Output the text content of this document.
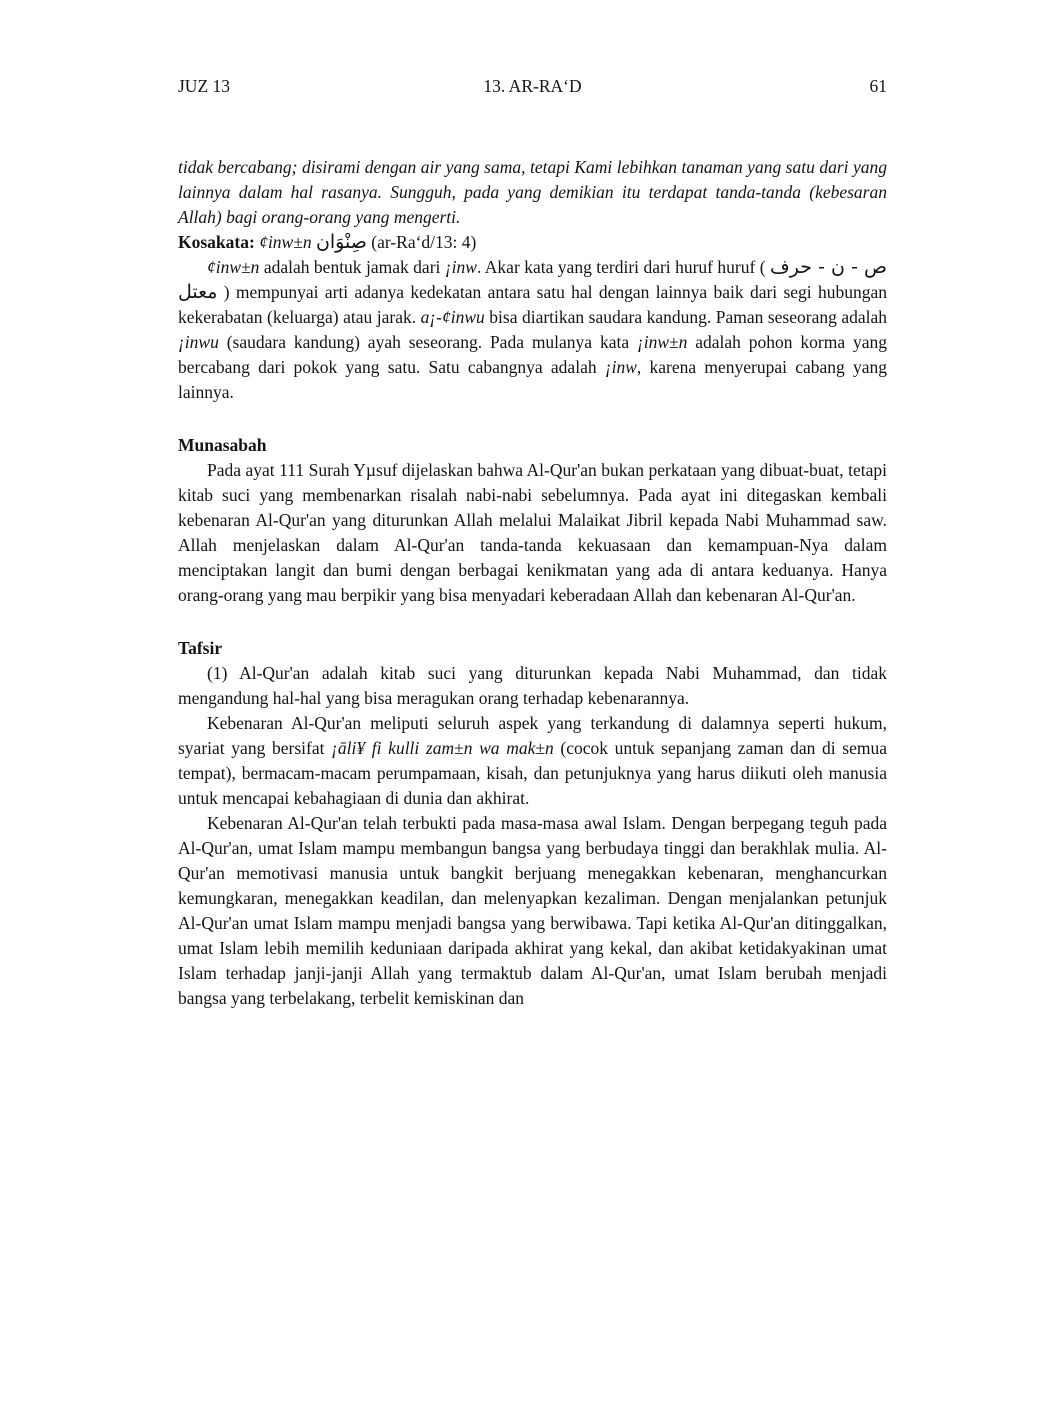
JUZ 13	13. AR-RA‘D	61

tidak bercabang; disirami dengan air yang sama, tetapi Kami lebihkan tanaman yang satu dari yang lainnya dalam hal rasanya. Sungguh, pada yang demikian itu terdapat tanda-tanda (kebesaran Allah) bagi orang-orang yang mengerti.

Kosakata: ¢inw±n صِنْوَان (ar-Ra‘d/13: 4)

¢inw±n adalah bentuk jamak dari ¡inw. Akar kata yang terdiri dari huruf huruf ( ص - ن - حرف معتل ) mempunyai arti adanya kedekatan antara satu hal dengan lainnya baik dari segi hubungan kekerabatan (keluarga) atau jarak. a¡-¢inwu bisa diartikan saudara kandung. Paman seseorang adalah ¡inwu (saudara kandung) ayah seseorang. Pada mulanya kata ¡inw±n adalah pohon korma yang bercabang dari pokok yang satu. Satu cabangnya adalah ¡inw, karena menyerupai cabang yang lainnya.

Munasabah

Pada ayat 111 Surah Yµsuf dijelaskan bahwa Al-Qur'an bukan perkataan yang dibuat-buat, tetapi kitab suci yang membenarkan risalah nabi-nabi sebelumnya. Pada ayat ini ditegaskan kembali kebenaran Al-Qur'an yang diturunkan Allah melalui Malaikat Jibril kepada Nabi Muhammad saw. Allah menjelaskan dalam Al-Qur'an tanda-tanda kekuasaan dan kemampuan-Nya dalam menciptakan langit dan bumi dengan berbagai kenikmatan yang ada di antara keduanya. Hanya orang-orang yang mau berpikir yang bisa menyadari keberadaan Allah dan kebenaran Al-Qur'an.

Tafsir

(1) Al-Qur'an adalah kitab suci yang diturunkan kepada Nabi Muhammad, dan tidak mengandung hal-hal yang bisa meragukan orang terhadap kebenarannya.

Kebenaran Al-Qur'an meliputi seluruh aspek yang terkandung di dalamnya seperti hukum, syariat yang bersifat ¡āli¥ fi kulli zam±n wa mak±n (cocok untuk sepanjang zaman dan di semua tempat), bermacam-macam perumpamaan, kisah, dan petunjuknya yang harus diikuti oleh manusia untuk mencapai kebahagiaan di dunia dan akhirat.

Kebenaran Al-Qur'an telah terbukti pada masa-masa awal Islam. Dengan berpegang teguh pada Al-Qur'an, umat Islam mampu membangun bangsa yang berbudaya tinggi dan berakhlak mulia. Al-Qur'an memotivasi manusia untuk bangkit berjuang menegakkan kebenaran, menghancurkan kemungkaran, menegakkan keadilan, dan melenyapkan kezaliman. Dengan menjalankan petunjuk Al-Qur'an umat Islam mampu menjadi bangsa yang berwibawa. Tapi ketika Al-Qur'an ditinggalkan, umat Islam lebih memilih keduniaan daripada akhirat yang kekal, dan akibat ketidakyakinan umat Islam terhadap janji-janji Allah yang termaktub dalam Al-Qur'an, umat Islam berubah menjadi bangsa yang terbelakang, terbelit kemiskinan dan
